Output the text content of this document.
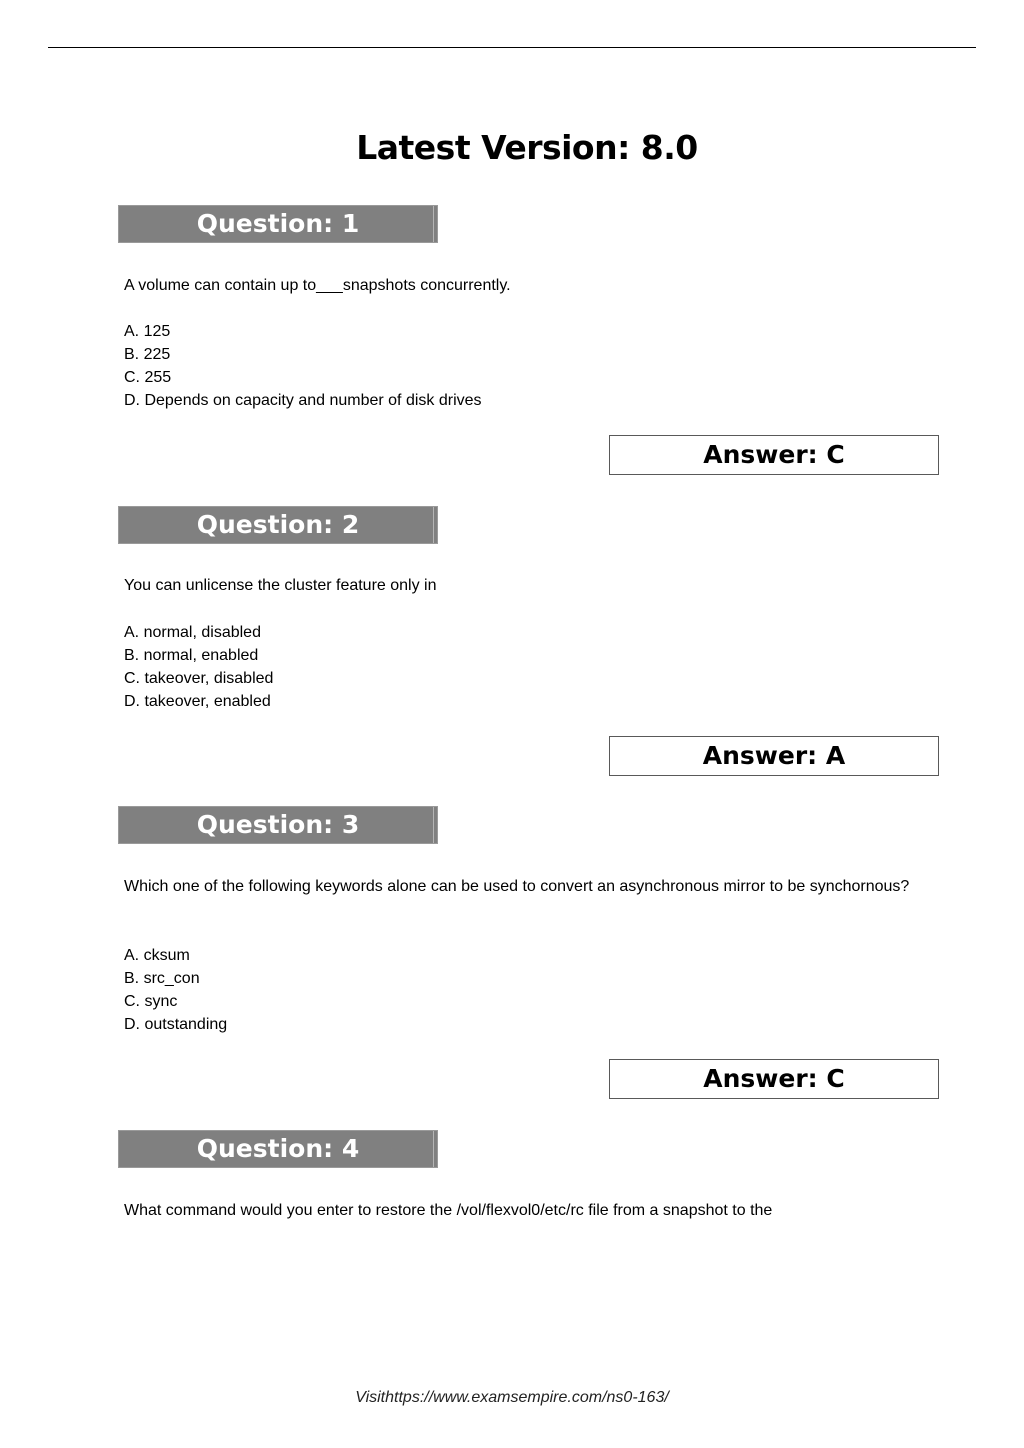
Latest Version: 8.0
Question: 1
A volume can contain up to___snapshots concurrently.
A. 125
B. 225
C. 255
D. Depends on capacity and number of disk drives
Answer: C
Question: 2
You can unlicense the cluster feature only in
A. normal, disabled
B. normal, enabled
C. takeover, disabled
D. takeover, enabled
Answer: A
Question: 3
Which one of the following keywords alone can be used to convert an asynchronous mirror to be synchornous?
A. cksum
B. src_con
C. sync
D. outstanding
Answer: C
Question: 4
What command would you enter to restore the /vol/flexvol0/etc/rc file from a snapshot to the
Visithttps://www.examsempire.com/ns0-163/
